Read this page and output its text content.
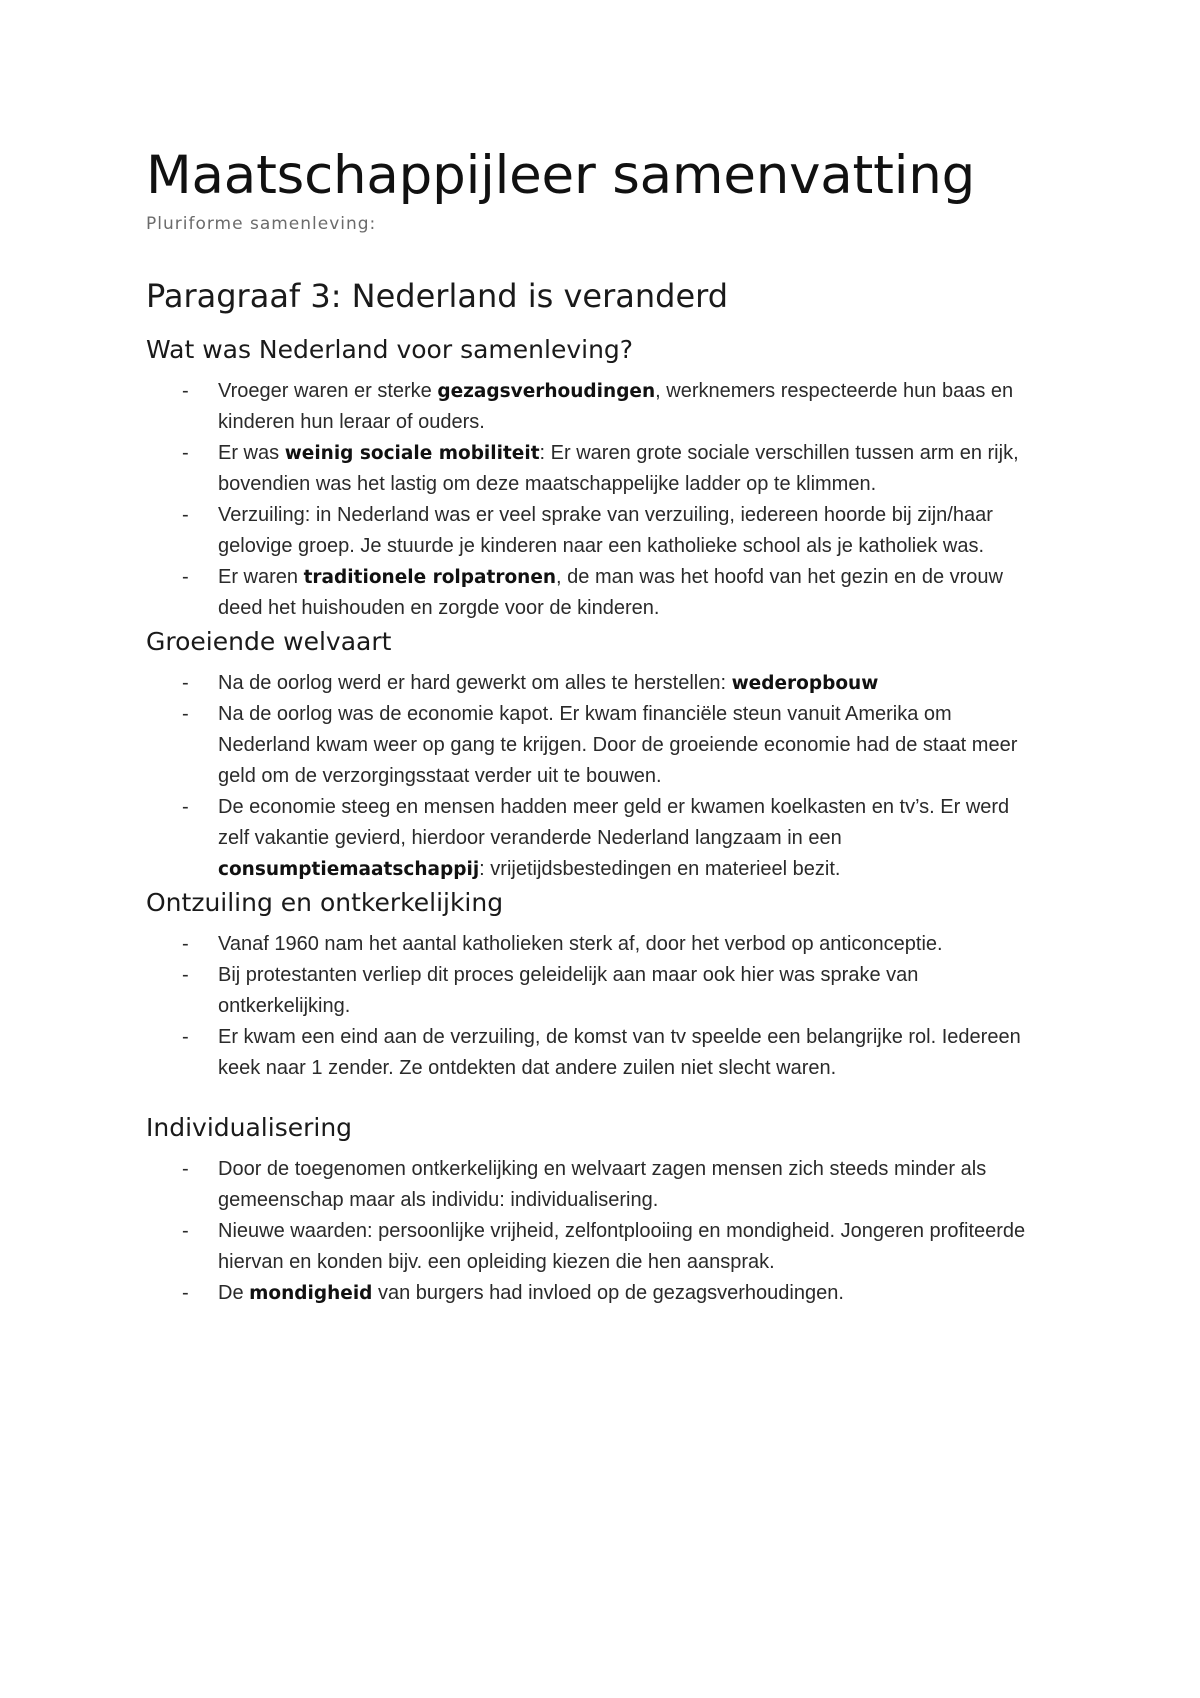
Maatschappijleer samenvatting

Pluriforme samenleving:

Paragraaf 3: Nederland is veranderd
Wat was Nederland voor samenleving?
- Vroeger waren er sterke gezagsverhoudingen, werknemers respecteerde hun baas en kinderen hun leraar of ouders.
- Er was weinig sociale mobiliteit: Er waren grote sociale verschillen tussen arm en rijk, bovendien was het lastig om deze maatschappelijke ladder op te klimmen.
- Verzuiling: in Nederland was er veel sprake van verzuiling, iedereen hoorde bij zijn/haar gelovige groep. Je stuurde je kinderen naar een katholieke school als je katholiek was.
- Er waren traditionele rolpatronen, de man was het hoofd van het gezin en de vrouw deed het huishouden en zorgde voor de kinderen.
Groeiende welvaart
- Na de oorlog werd er hard gewerkt om alles te herstellen: wederopbouw
- Na de oorlog was de economie kapot. Er kwam financiële steun vanuit Amerika om Nederland kwam weer op gang te krijgen. Door de groeiende economie had de staat meer geld om de verzorgingsstaat verder uit te bouwen.
- De economie steeg en mensen hadden meer geld er kwamen koelkasten en tv’s. Er werd zelf vakantie gevierd, hierdoor veranderde Nederland langzaam in een consumptiemaatschappij: vrijetijdsbestedingen en materieel bezit.
Ontzuiling en ontkerkelijking
- Vanaf 1960 nam het aantal katholieken sterk af, door het verbod op anticonceptie.
- Bij protestanten verliep dit proces geleidelijk aan maar ook hier was sprake van ontkerkelijking.
- Er kwam een eind aan de verzuiling, de komst van tv speelde een belangrijke rol. Iedereen keek naar 1 zender. Ze ontdekten dat andere zuilen niet slecht waren.
Individualisering
- Door de toegenomen ontkerkelijking en welvaart zagen mensen zich steeds minder als gemeenschap maar als individu: individualisering.
- Nieuwe waarden: persoonlijke vrijheid, zelfontplooiing en mondigheid. Jongeren profiteerde hiervan en konden bijv. een opleiding kiezen die hen aansprak.
- De mondigheid van burgers had invloed op de gezagsverhoudingen.
